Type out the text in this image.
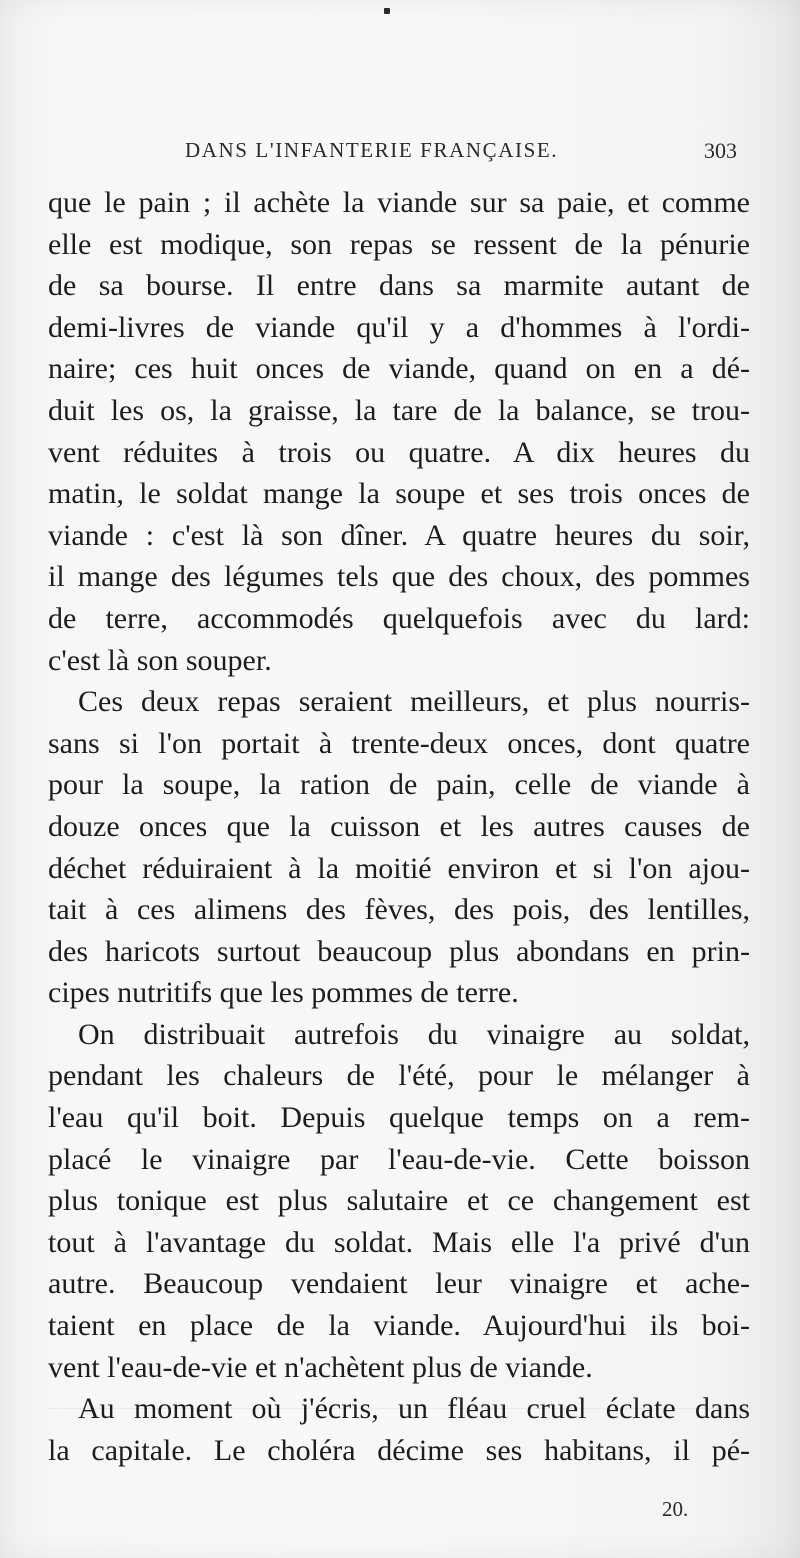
DANS L'INFANTERIE FRANÇAISE.	303
que le pain ; il achète la viande sur sa paie, et comme
elle est modique, son repas se ressent de la pénurie
de sa bourse. Il entre dans sa marmite autant de
demi-livres de viande qu'il y a d'hommes à l'ordi-
naire; ces huit onces de viande, quand on en a dé-
duit les os, la graisse, la tare de la balance, se trou-
vent réduites à trois ou quatre. A dix heures du
matin, le soldat mange la soupe et ses trois onces de
viande : c'est là son dîner. A quatre heures du soir,
il mange des légumes tels que des choux, des pommes
de terre, accommodés quelquefois avec du lard:
c'est là son souper.
Ces deux repas seraient meilleurs, et plus nourris-
sans si l'on portait à trente-deux onces, dont quatre
pour la soupe, la ration de pain, celle de viande à
douze onces que la cuisson et les autres causes de
déchet réduiraient à la moitié environ et si l'on ajou-
tait à ces alimens des fèves, des pois, des lentilles,
des haricots surtout beaucoup plus abondans en prin-
cipes nutritifs que les pommes de terre.
On distribuait autrefois du vinaigre au soldat,
pendant les chaleurs de l'été, pour le mélanger à
l'eau qu'il boit. Depuis quelque temps on a rem-
placé le vinaigre par l'eau-de-vie. Cette boisson
plus tonique est plus salutaire et ce changement est
tout à l'avantage du soldat. Mais elle l'a privé d'un
autre. Beaucoup vendaient leur vinaigre et ache-
taient en place de la viande. Aujourd'hui ils boi-
vent l'eau-de-vie et n'achètent plus de viande.
Au moment où j'écris, un fléau cruel éclate dans
la capitale. Le choléra décime ses habitans, il pé-
20.
